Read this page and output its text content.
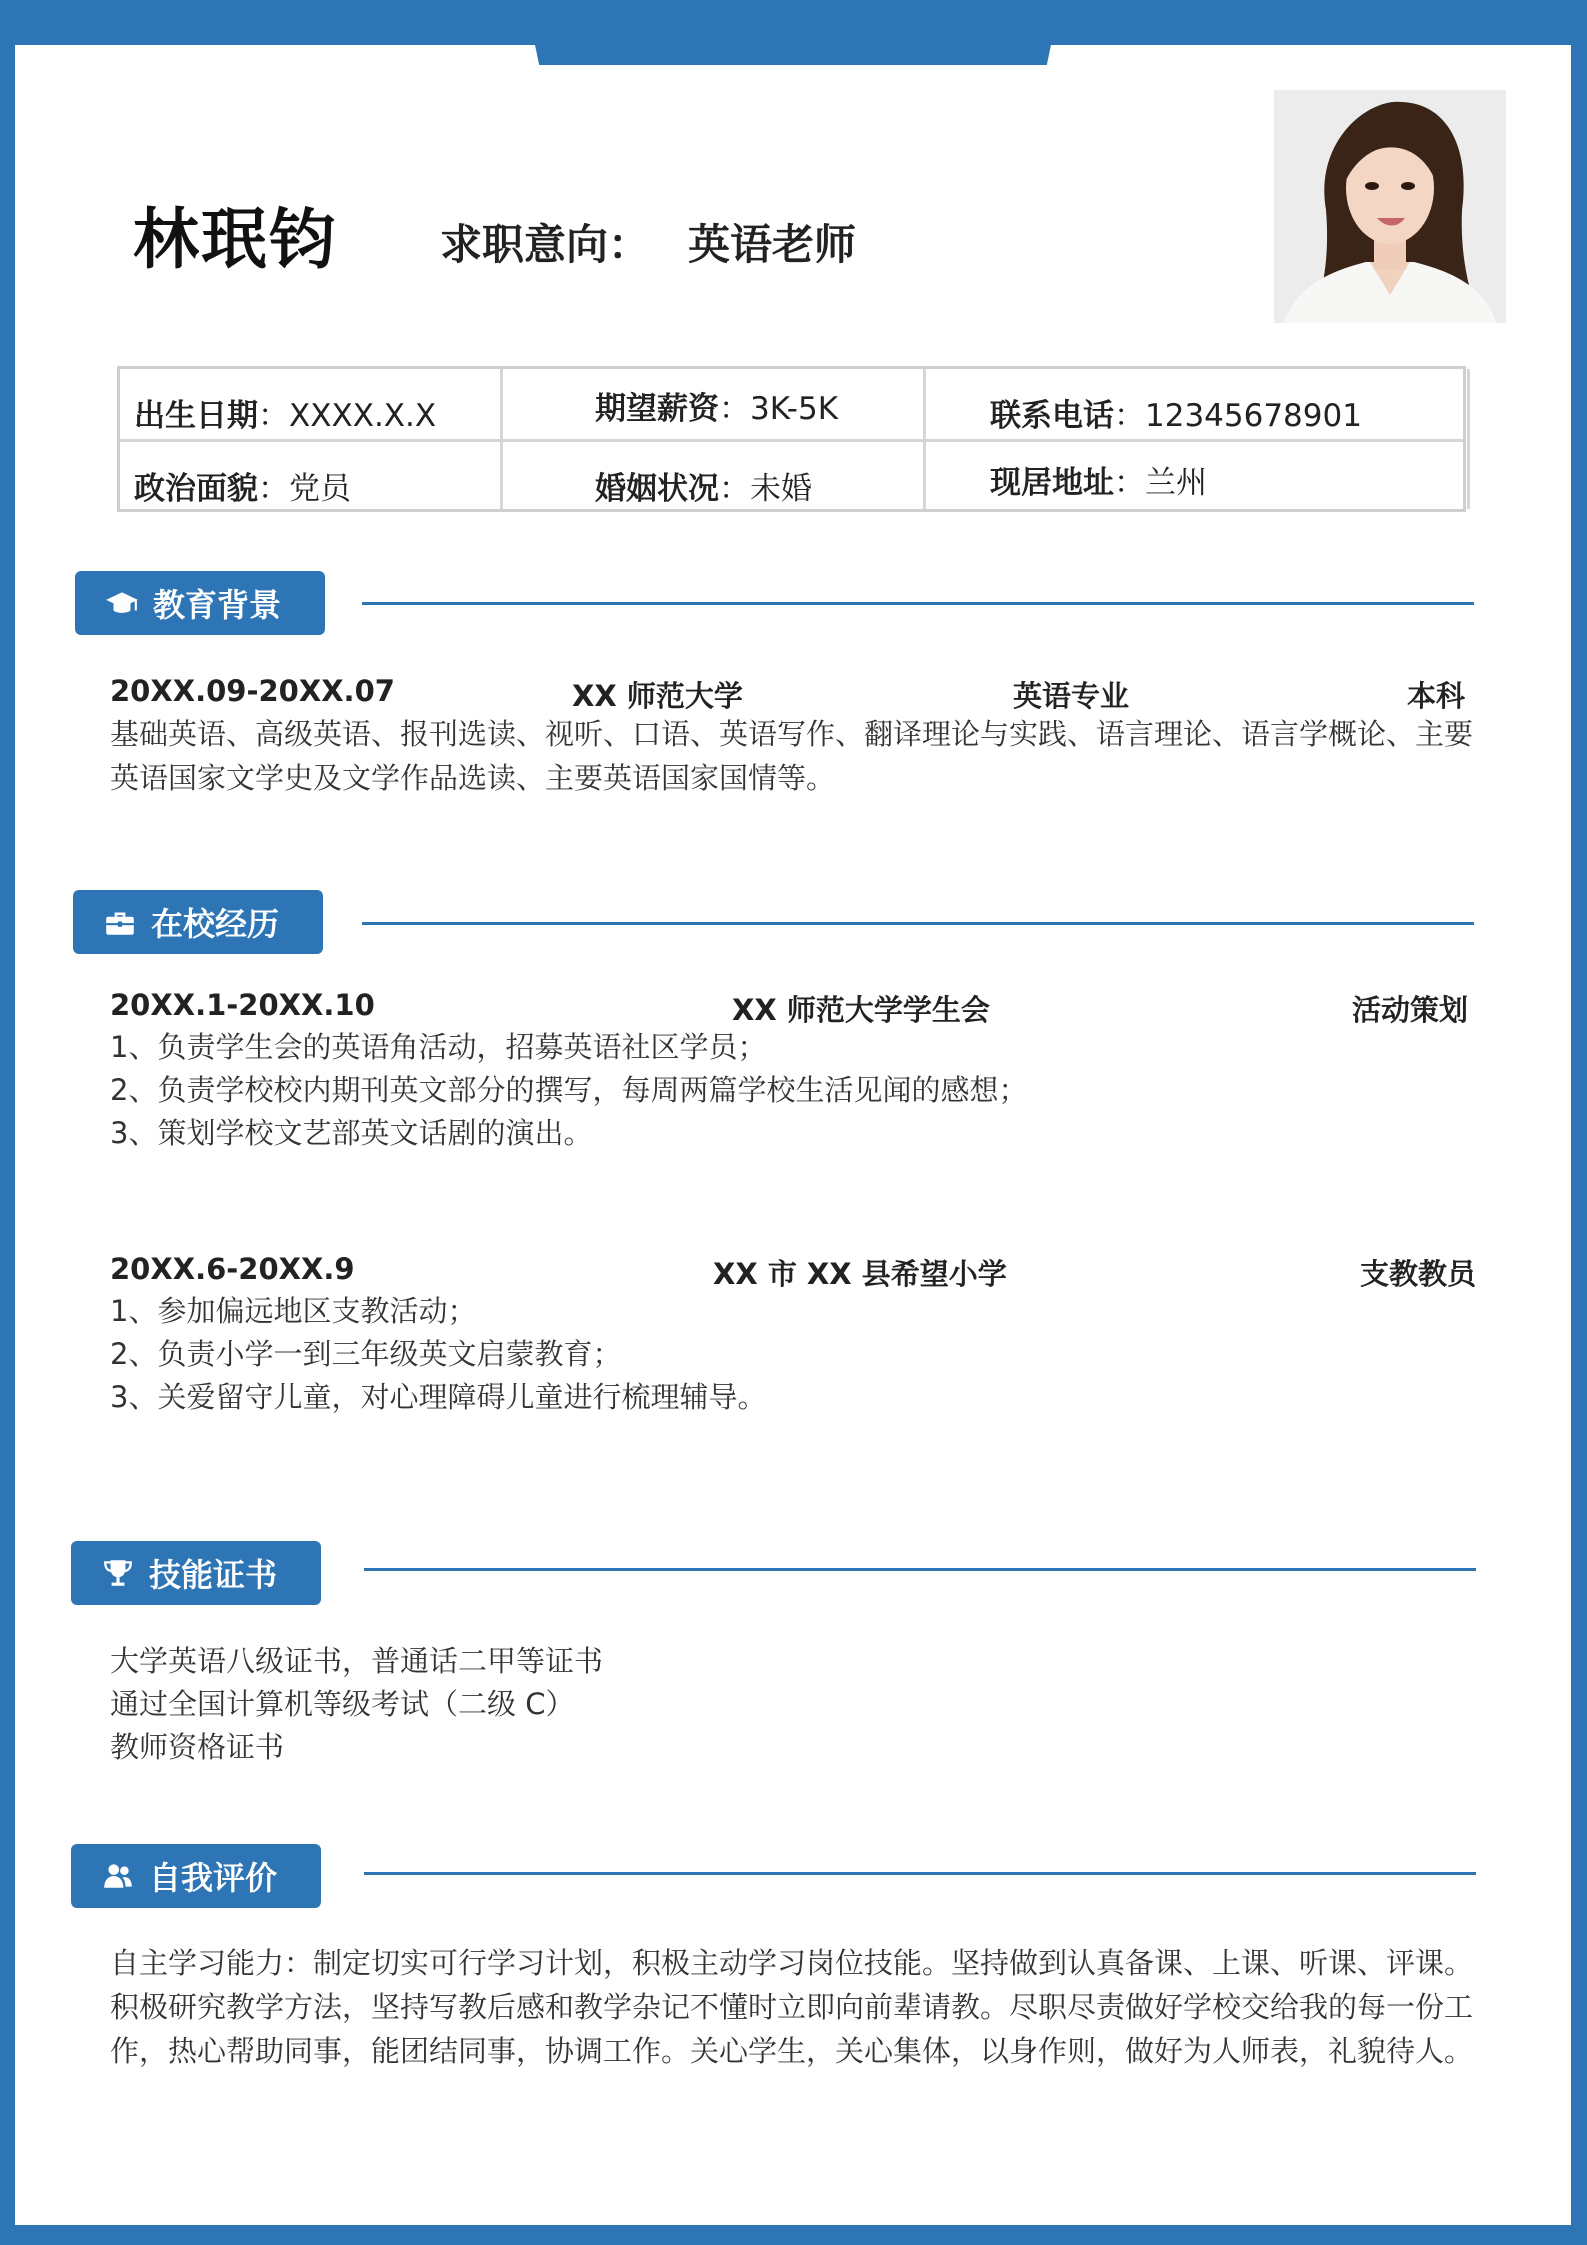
林珉钧 求职意向： 英语老师
出生日期：XXXX.X.X	期望薪资：3K-5K	联系电话：12345678901
政治面貌：党员	婚姻状况：未婚	现居地址：兰州
教育背景
20XX.09-20XX.07	XX 师范大学	英语专业	本科
基础英语、高级英语、报刊选读、视听、口语、英语写作、翻译理论与实践、语言理论、语言学概论、主要英语国家文学史及文学作品选读、主要英语国家国情等。
在校经历
20XX.1-20XX.10	XX 师范大学学生会	活动策划
1、负责学生会的英语角活动，招募英语社区学员；
2、负责学校校内期刊英文部分的撰写，每周两篇学校生活见闻的感想；
3、策划学校文艺部英文话剧的演出。
20XX.6-20XX.9	XX 市 XX 县希望小学	支教教员
1、参加偏远地区支教活动；
2、负责小学一到三年级英文启蒙教育；
3、关爱留守儿童，对心理障碍儿童进行梳理辅导。
技能证书
大学英语八级证书，普通话二甲等证书
通过全国计算机等级考试（二级 C）
教师资格证书
自我评价
自主学习能力：制定切实可行学习计划，积极主动学习岗位技能。坚持做到认真备课、上课、听课、评课。积极研究教学方法，坚持写教后感和教学杂记不懂时立即向前辈请教。尽职尽责做好学校交给我的每一份工作，热心帮助同事，能团结同事，协调工作。关心学生，关心集体，以身作则，做好为人师表，礼貌待人。
